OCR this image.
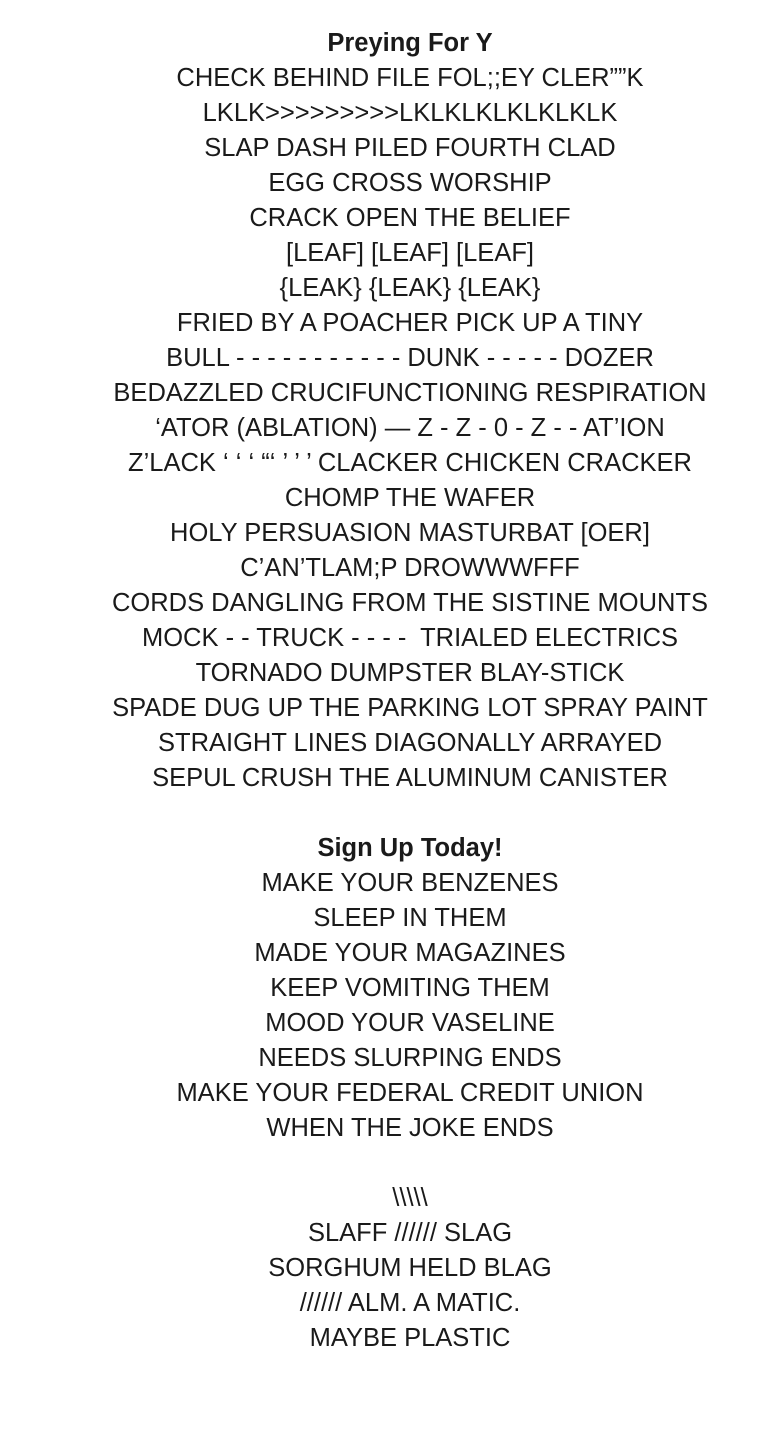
Preying For Y
CHECK BEHIND FILE FOL;;EY CLER””K
LKLK>>>>>>>>>LKLKLKLKLKLKLK
SLAP DASH PILED FOURTH CLAD
EGG CROSS WORSHIP
CRACK OPEN THE BELIEF
[LEAF] [LEAF] [LEAF]
{LEAK} {LEAK} {LEAK}
FRIED BY A POACHER PICK UP A TINY
BULL - - - - - - - - - - - DUNK - - - - - DOZER
BEDAZZLED CRUCIFUNCTIONING RESPIRATION
‘ATOR (ABLATION) — Z - Z - 0 - Z - - AT’ION
Z’LACK ‘ ‘ ‘ “‘ ’ ’ ’ CLACKER CHICKEN CRACKER
CHOMP THE WAFER
HOLY PERSUASION MASTURBAT [OER]
C’AN’TLAM;P DROWWWFFF
CORDS DANGLING FROM THE SISTINE MOUNTS
MOCK - - TRUCK - - - -  TRIALED ELECTRICS
TORNADO DUMPSTER BLAY-STICK
SPADE DUG UP THE PARKING LOT SPRAY PAINT
STRAIGHT LINES DIAGONALLY ARRAYED
SEPUL CRUSH THE ALUMINUM CANISTER
Sign Up Today!
MAKE YOUR BENZENES
SLEEP IN THEM
MADE YOUR MAGAZINES
KEEP VOMITING THEM
MOOD YOUR VASELINE
NEEDS SLURPING ENDS
MAKE YOUR FEDERAL CREDIT UNION
WHEN THE JOKE ENDS
\\\\\
SLAFF ////// SLAG
SORGHUM HELD BLAG
////// ALM. A MATIC.
MAYBE PLASTIC
